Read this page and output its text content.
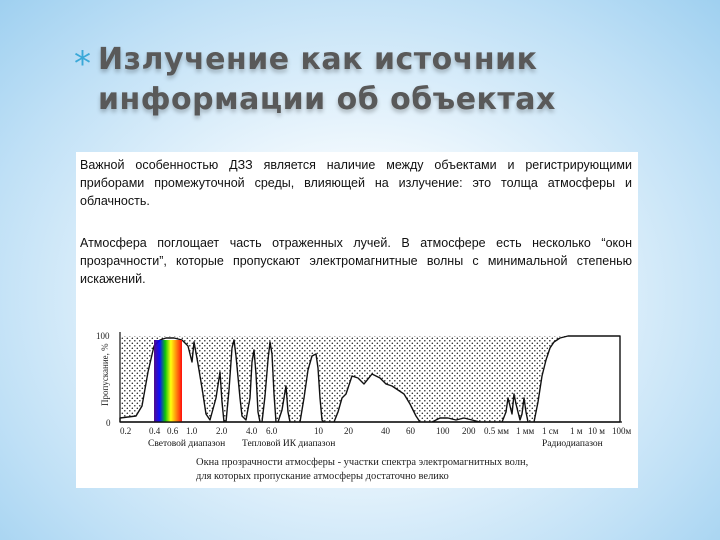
* Излучение как источник
информации об объектах

Важной особенностью ДЗЗ является наличие между объектами и регистрирующими приборами промежуточной среды, влияющей на излучение: это толща атмосферы и облачность.

Атмосфера поглощает часть отраженных лучей. В атмосфере есть несколько “окон прозрачности”, которые пропускают электромагнитные волны с минимальной степенью искажений.

Пропускание, %
100
0
0.2 0.4 0.6 1.0 2.0 4.0 6.0	10 20	40 60 100 200 0.5 мм 1 мм 1 см 1 м 10 м 100м
Световой диапазон Тепловой ИК диапазон	Радиодиапазон
Окна прозрачности атмосферы - участки спектра электромагнитных волн,
для которых пропускание атмосферы достаточно велико
